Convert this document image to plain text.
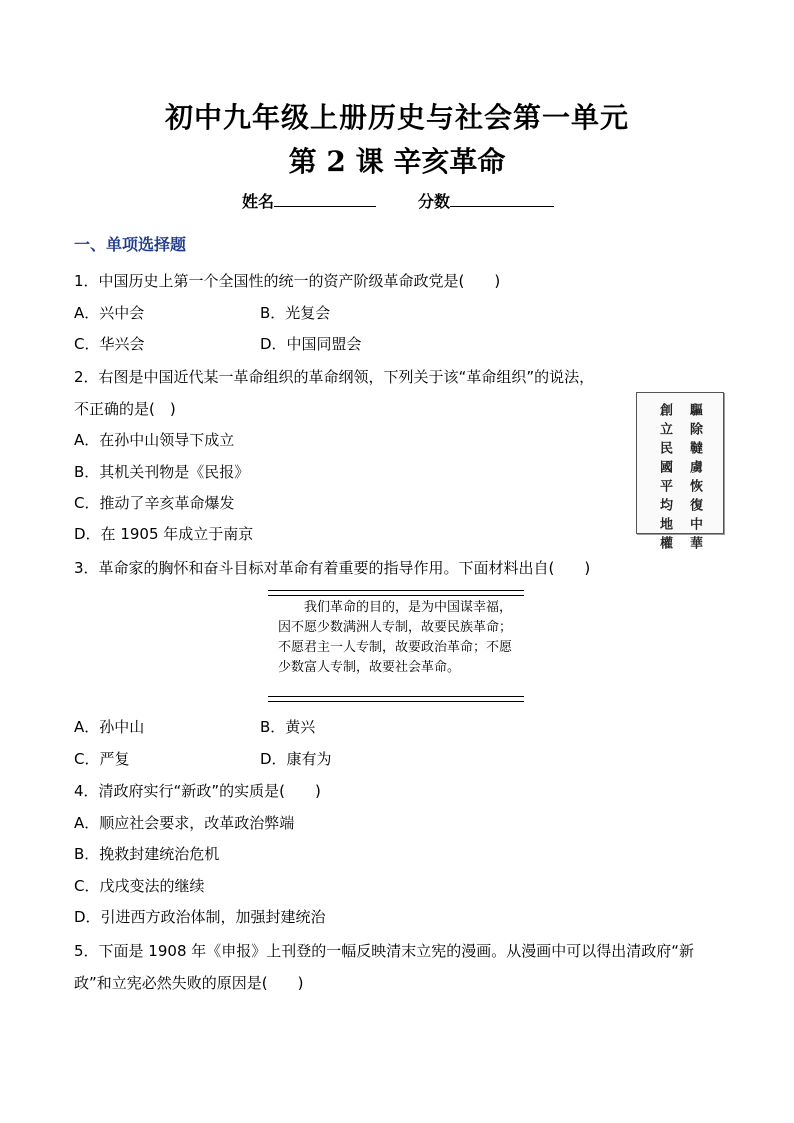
初中九年级上册历史与社会第一单元
第 2 课 辛亥革命
姓名	分数
一、单项选择题
1．中国历史上第一个全国性的统一的资产阶级革命政党是(　　)
A．兴中会	B．光复会
C．华兴会	D．中国同盟会
2．右图是中国近代某一革命组织的革命纲领，下列关于该“革命组织”的说法，
不正确的是(　)
A．在孙中山领导下成立
B．其机关刊物是《民报》
C．推动了辛亥革命爆发
D．在 1905 年成立于南京	驅除韃虜恢復中華
創立民國平均地權
3．革命家的胸怀和奋斗目标对革命有着重要的指导作用。下面材料出自(　　)
　　我们革命的目的，是为中国谋幸福，因不愿少数满洲人专制，故要民族革命；不愿君主一人专制，故要政治革命；不愿少数富人专制，故要社会革命。
A．孙中山	B．黄兴
C．严复	D．康有为
4．清政府实行“新政”的实质是(　　)
A．顺应社会要求，改革政治弊端
B．挽救封建统治危机
C．戊戌变法的继续
D．引进西方政治体制，加强封建统治
5．下面是 1908 年《申报》上刊登的一幅反映清末立宪的漫画。从漫画中可以得出清政府“新
政”和立宪必然失败的原因是(　　)
